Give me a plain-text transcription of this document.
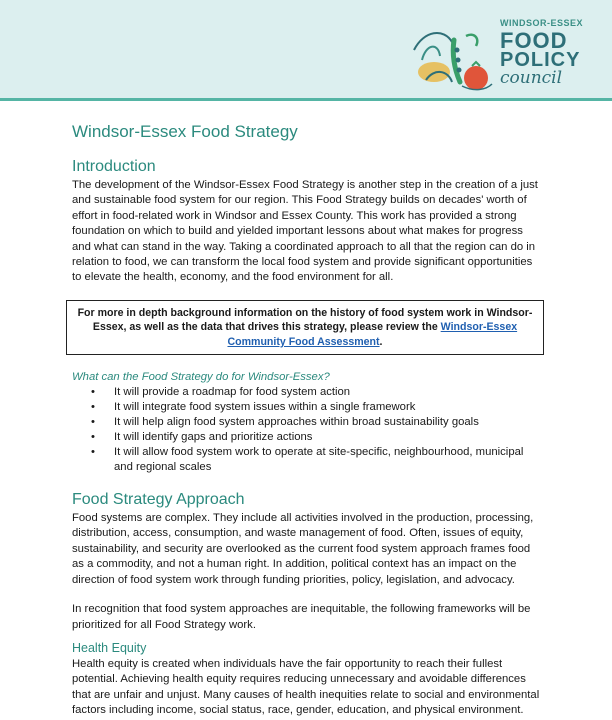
WINDSOR-ESSEX
FOOD
POLICY
council
Windsor-Essex Food Strategy
Introduction

The development of the Windsor-Essex Food Strategy is another step in the creation of a just and sustainable food system for our region. This Food Strategy builds on decades' worth of effort in food-related work in Windsor and Essex County. This work has provided a strong foundation on which to build and yielded important lessons about what makes for progress and what can stand in the way. Taking a coordinated approach to all that the region can do in relation to food, we can transform the local food system and provide significant opportunities to elevate the health, economy, and the food environment for all.

For more in depth background information on the history of food system work in Windsor-Essex, as well as the data that drives this strategy, please review the Windsor-Essex Community Food Assessment.
What can the Food Strategy do for Windsor-Essex?
• It will provide a roadmap for food system action
• It will integrate food system issues within a single framework
• It will help align food system approaches within broad sustainability goals
• It will identify gaps and prioritize actions
• It will allow food system work to operate at site-specific, neighbourhood, municipal and regional scales
Food Strategy Approach

Food systems are complex. They include all activities involved in the production, processing, distribution, access, consumption, and waste management of food. Often, issues of equity, sustainability, and security are overlooked as the current food system approach frames food as a commodity, and not a human right. In addition, political context has an impact on the direction of food system work through funding priorities, policy, legislation, and advocacy.

In recognition that food system approaches are inequitable, the following frameworks will be prioritized for all Food Strategy work.

Health Equity

Health equity is created when individuals have the fair opportunity to reach their fullest potential. Achieving health equity requires reducing unnecessary and avoidable differences that are unfair and unjust. Many causes of health inequities relate to social and environmental factors including income, social status, race, gender, education, and physical environment.
